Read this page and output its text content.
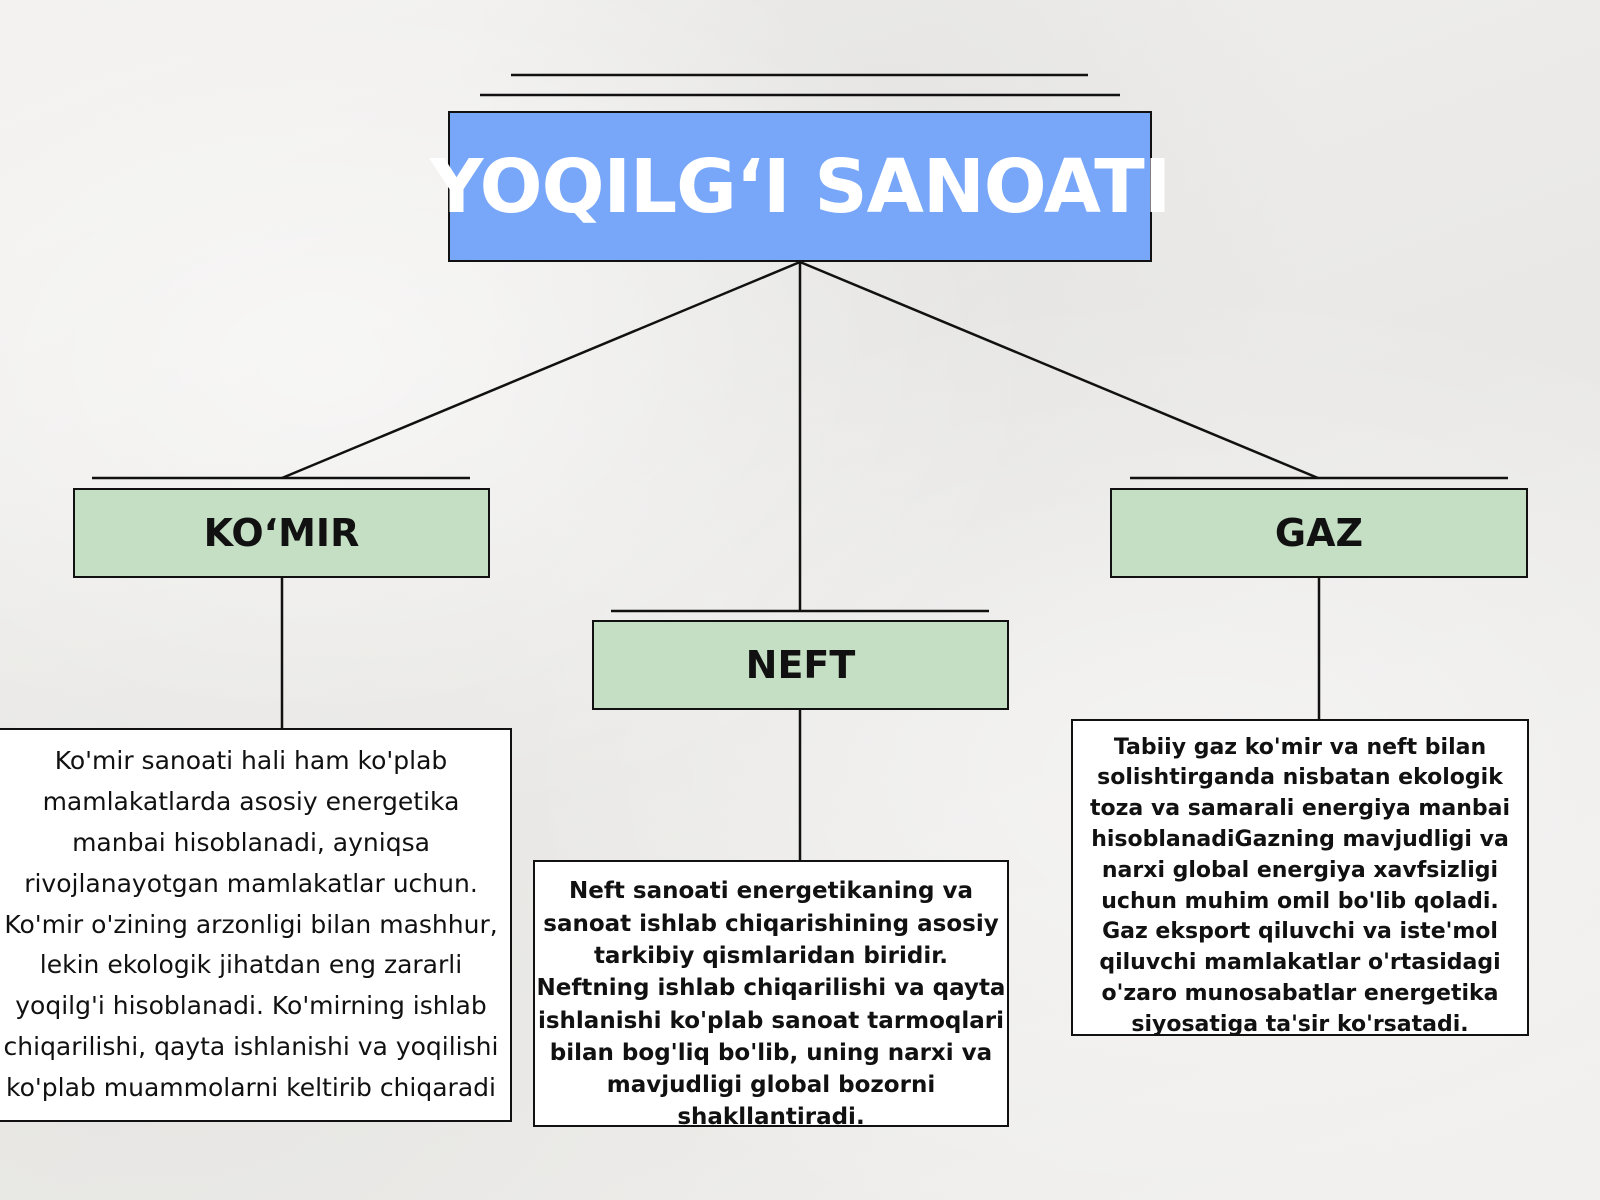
YOQILG‘I SANOATI
KO‘MIR
NEFT
GAZ
Ko'mir sanoati hali ham ko'plab mamlakatlarda asosiy energetika manbai hisoblanadi, ayniqsa rivojlanayotgan mamlakatlar uchun. Ko'mir o'zining arzonligi bilan mashhur, lekin ekologik jihatdan eng zararli yoqilg'i hisoblanadi. Ko'mirning ishlab chiqarilishi, qayta ishlanishi va yoqilishi ko'plab muammolarni keltirib chiqaradi
Neft sanoati energetikaning va sanoat ishlab chiqarishining asosiy tarkibiy qismlaridan biridir. Neftning ishlab chiqarilishi va qayta ishlanishi ko'plab sanoat tarmoqlari bilan bog'liq bo'lib, uning narxi va mavjudligi global bozorni shakllantiradi.
Tabiiy gaz ko'mir va neft bilan solishtirganda nisbatan ekologik toza va samarali energiya manbai hisoblanadiGazning mavjudligi va narxi global energiya xavfsizligi uchun muhim omil bo'lib qoladi. Gaz eksport qiluvchi va iste'mol qiluvchi mamlakatlar o'rtasidagi o'zaro munosabatlar energetika siyosatiga ta'sir ko'rsatadi.
